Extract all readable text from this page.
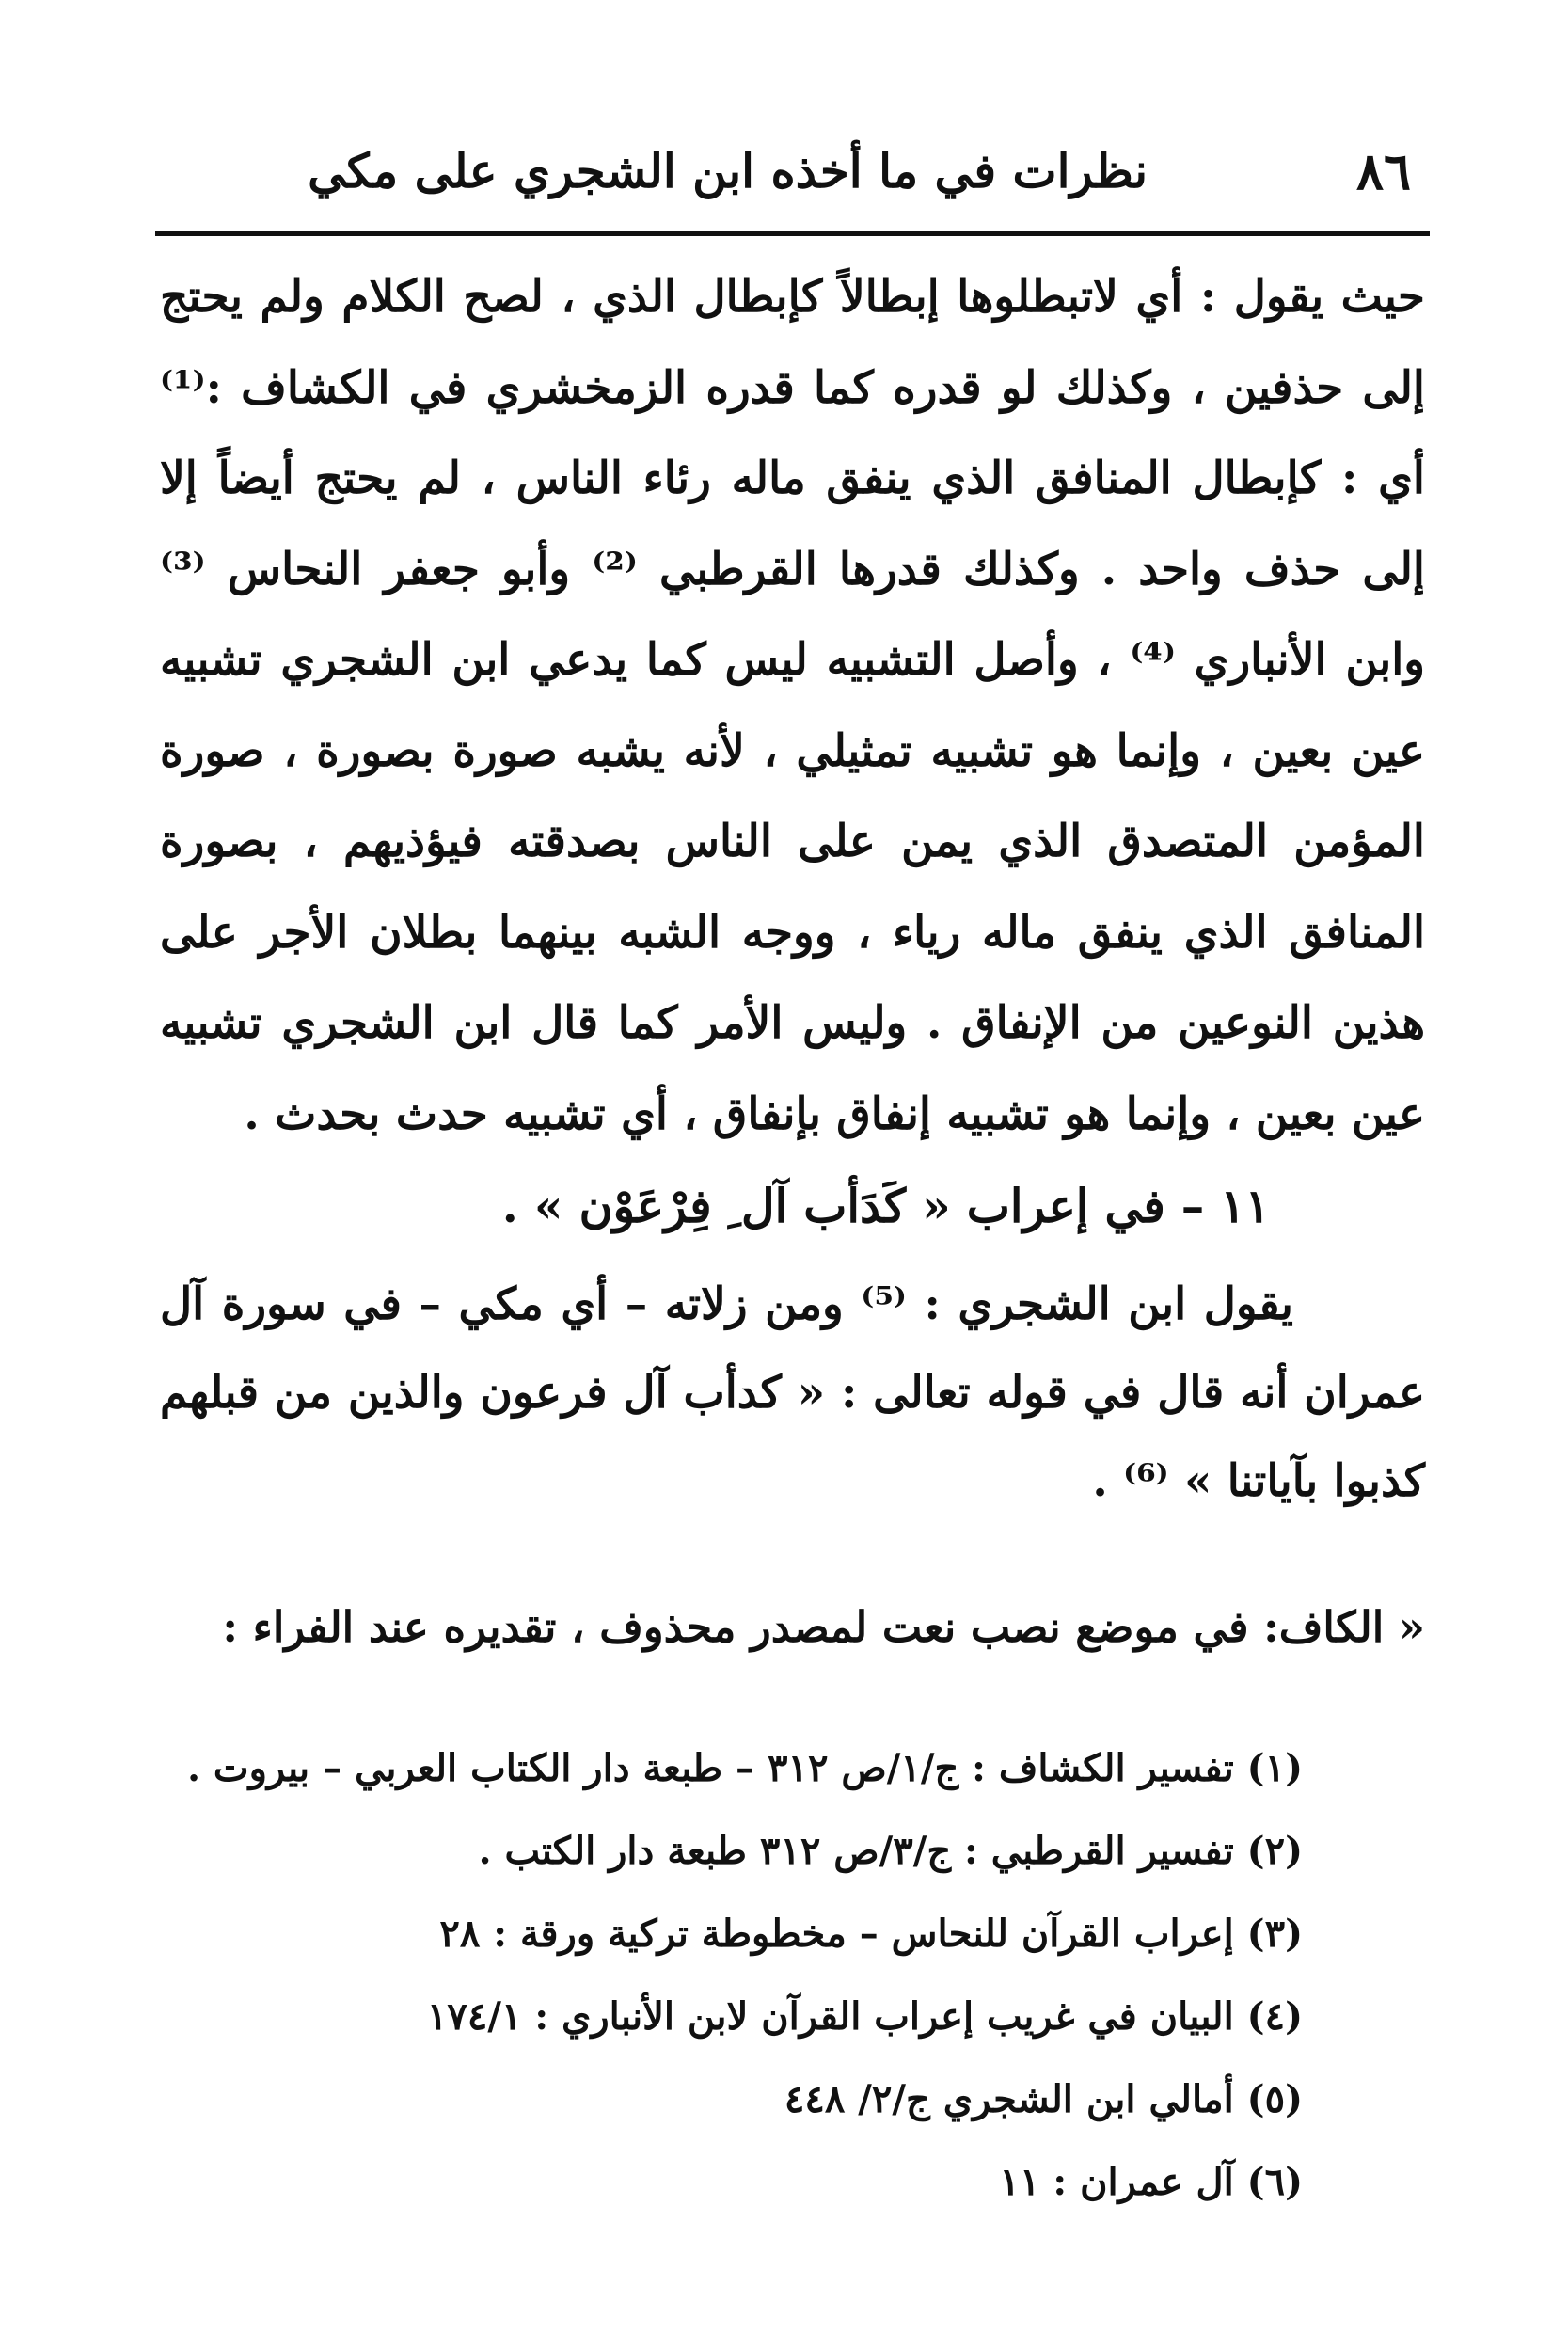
٨٦
نظرات في ما أخذه ابن الشجري على مكي

حيث يقول : أي لاتبطلوها إبطالاً كإبطال الذي ، لصح الكلام ولم يحتج إلى حذفين ، وكذلك لو قدره كما قدره الزمخشري في الكشاف :⁽¹⁾ أي : كإبطال المنافق الذي ينفق ماله رئاء الناس ، لم يحتج أيضاً إلا إلى حذف واحد . وكذلك قدرها القرطبي ⁽²⁾ وأبو جعفر النحاس ⁽³⁾ وابن الأنباري ⁽⁴⁾ ، وأصل التشبيه ليس كما يدعي ابن الشجري تشبيه عين بعين ، وإنما هو تشبيه تمثيلي ، لأنه يشبه صورة بصورة ، صورة المؤمن المتصدق الذي يمن على الناس بصدقته فيؤذيهم ، بصورة المنافق الذي ينفق ماله رياء ، ووجه الشبه بينهما بطلان الأجر على هذين النوعين من الإنفاق . وليس الأمر كما قال ابن الشجري تشبيه عين بعين ، وإنما هو تشبيه إنفاق بإنفاق ، أي تشبيه حدث بحدث .

١١ – في إعراب « كَدَأب آل ِ فِرْعَوْن » .
يقول ابن الشجري : ⁽⁵⁾ ومن زلاته – أي مكي – في سورة آل عمران أنه قال في قوله تعالى : « كدأب آل فرعون والذين من قبلهم كذبوا بآياتنا » ⁽⁶⁾ .
« الكاف: في موضع نصب نعت لمصدر محذوف ، تقديره عند الفراء :
(١) تفسير الكشاف : ج/١/ص ٣١٢ – طبعة دار الكتاب العربي – بيروت .
(٢) تفسير القرطبي : ج/٣/ص ٣١٢ طبعة دار الكتب .
(٣) إعراب القرآن للنحاس – مخطوطة تركية ورقة : ٢٨
(٤) البيان في غريب إعراب القرآن لابن الأنباري : ١٧٤/١
(٥) أمالي ابن الشجري ج/٢/ ٤٤٨
(٦) آل عمران : ١١
